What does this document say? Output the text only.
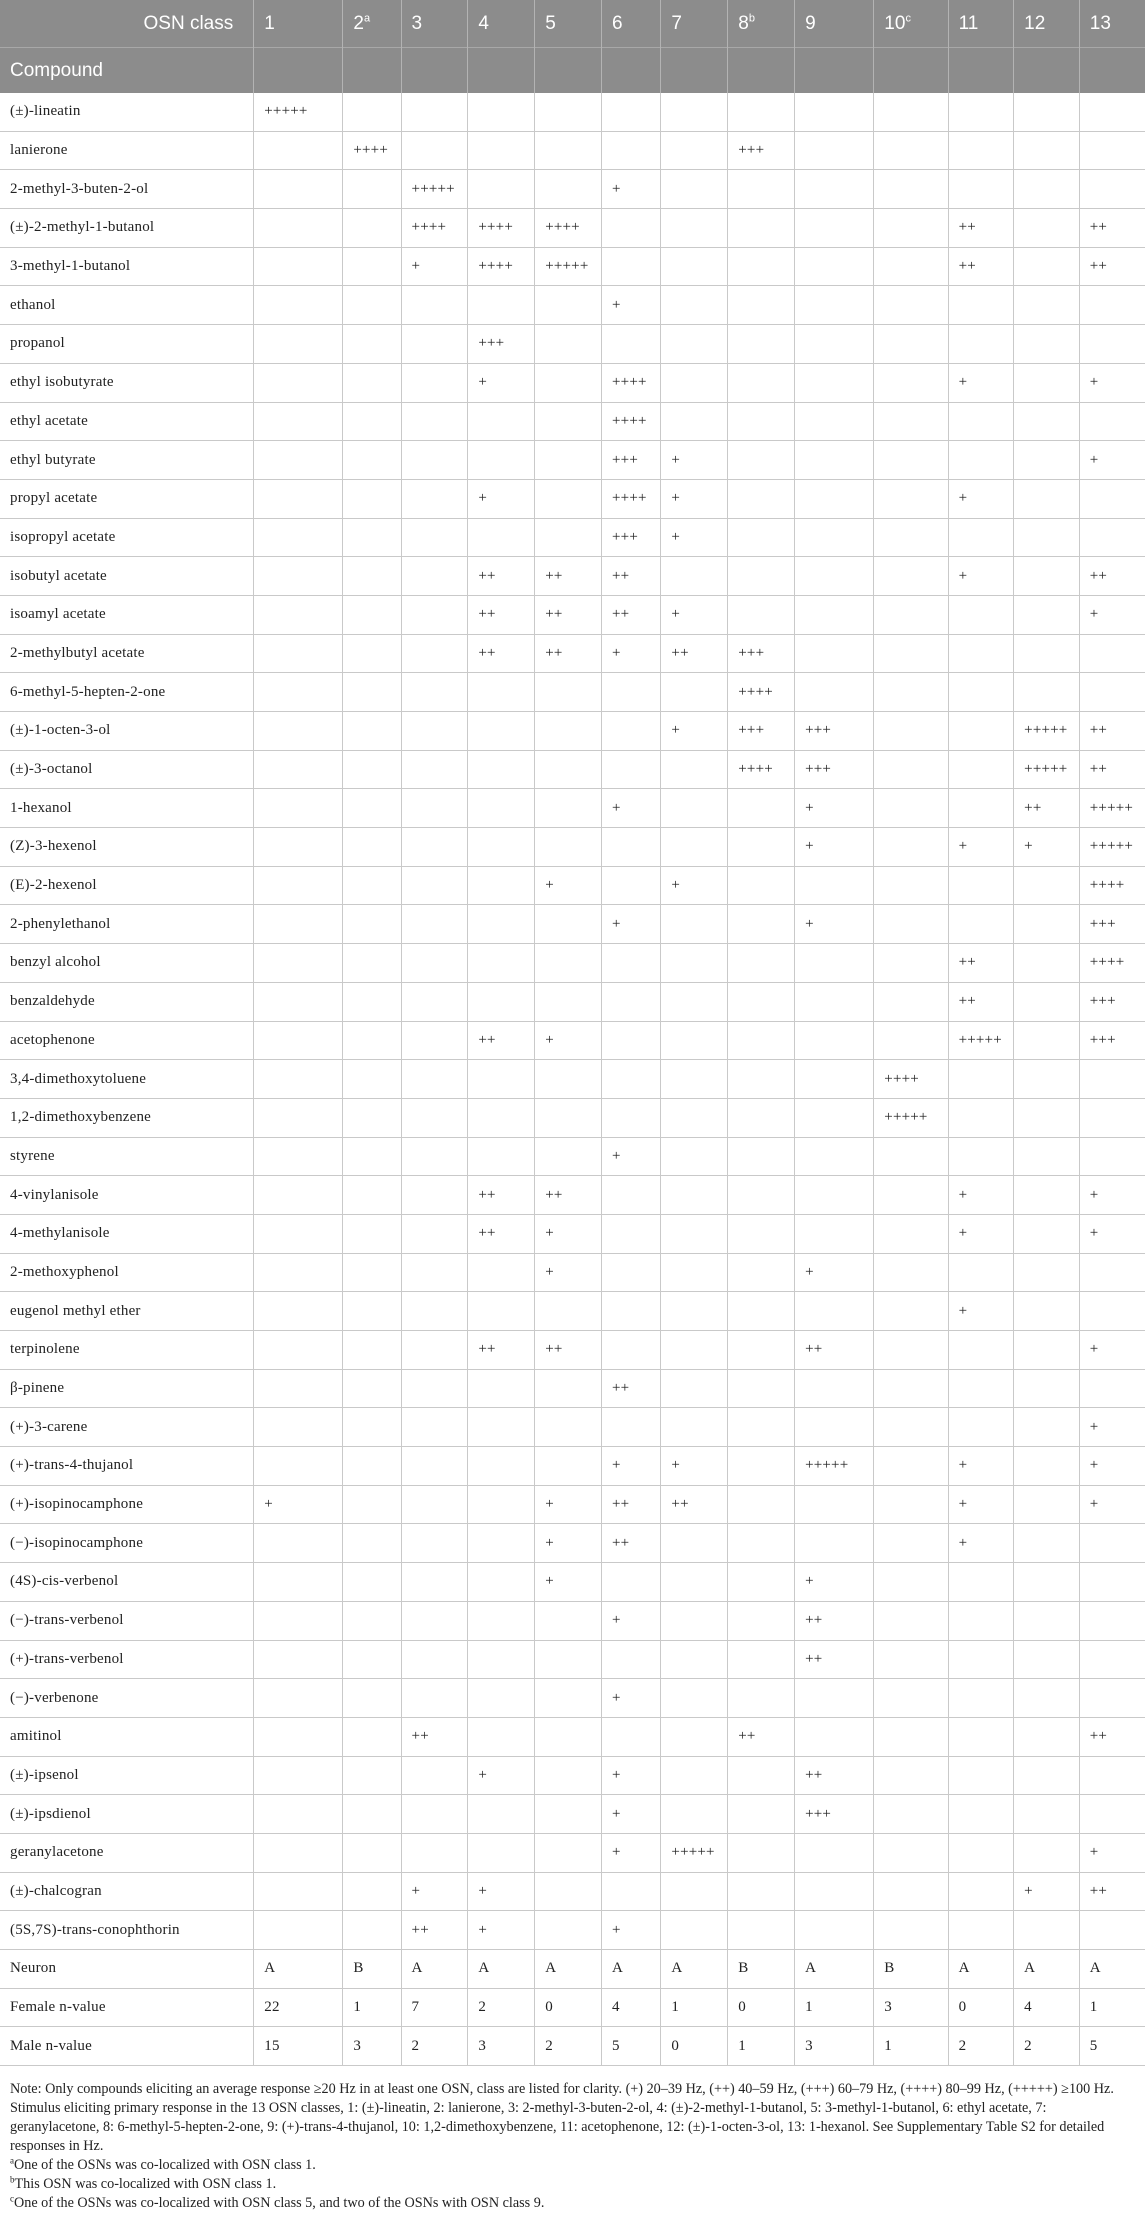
OSN class	1	2$^a$	3	4	5	6	7	8$^b$	9	10$^c$	11	12	13
Compound													
(±)-lineatin	+++++												
lanierone		++++						+++					
2-methyl-3-buten-2-ol			+++++			+							
(±)-2-methyl-1-butanol			++++	++++	++++						++		++
3-methyl-1-butanol			+	++++	+++++						++		++
ethanol						+							
propanol				+++									
ethyl isobutyrate				+		++++					+		+
ethyl acetate						++++							
ethyl butyrate						+++	+						+
propyl acetate				+		++++	+				+		
isopropyl acetate						+++	+						
isobutyl acetate				++	++	++					+		++
isoamyl acetate				++	++	++	+						+
2-methylbutyl acetate				++	++	+	++	+++					
6-methyl-5-hepten-2-one								++++					
(±)-1-octen-3-ol							+	+++	+++			+++++	++
(±)-3-octanol								++++	+++			+++++	++
1-hexanol						+			+			++	+++++
(Z)-3-hexenol									+		+	+	+++++
(E)-2-hexenol					+		+						++++
2-phenylethanol						+			+				+++
benzyl alcohol											++		++++
benzaldehyde											++		+++
acetophenone				++	+						+++++		+++
3,4-dimethoxytoluene										++++			
1,2-dimethoxybenzene										+++++			
styrene						+							
4-vinylanisole				++	++						+		+
4-methylanisole				++	+						+		+
2-methoxyphenol					+				+				
eugenol methyl ether											+		
terpinolene				++	++				++				+
β-pinene						++							
(+)-3-carene													+
(+)-trans-4-thujanol						+	+		+++++		+		+
(+)-isopinocamphone	+				+	++	++				+		+
(−)-isopinocamphone					+	++					+		
(4S)-cis-verbenol					+				+				
(−)-trans-verbenol						+			++				
(+)-trans-verbenol									++				
(−)-verbenone						+							
amitinol			++					++					++
(±)-ipsenol				+		+			++				
(±)-ipsdienol						+			+++				
geranylacetone						+	+++++						+
(±)-chalcogran			+	+								+	++
(5S,7S)-trans-conophthorin			++	+		+							
Neuron	A	B	A	A	A	A	A	B	A	B	A	A	A
Female n-value	22	1	7	2	0	4	1	0	1	3	0	4	1
Male n-value	15	3	2	3	2	5	0	1	3	1	2	2	5

Note: Only compounds eliciting an average response ≥20 Hz in at least one OSN, class are listed for clarity. (+) 20–39 Hz, (++) 40–59 Hz, (+++) 60–79 Hz, (++++) 80–99 Hz, (+++++) ≥100 Hz. Stimulus eliciting primary response in the 13 OSN classes, 1: (±)-lineatin, 2: lanierone, 3: 2-methyl-3-buten-2-ol, 4: (±)-2-methyl-1-butanol, 5: 3-methyl-1-butanol, 6: ethyl acetate, 7: geranylacetone, 8: 6-methyl-5-hepten-2-one, 9: (+)-trans-4-thujanol, 10: 1,2-dimethoxybenzene, 11: acetophenone, 12: (±)-1-octen-3-ol, 13: 1-hexanol. See Supplementary Table S2 for detailed responses in Hz.

$^a$One of the OSNs was co-localized with OSN class 1.

$^b$This OSN was co-localized with OSN class 1.

$^c$One of the OSNs was co-localized with OSN class 5, and two of the OSNs with OSN class 9.
